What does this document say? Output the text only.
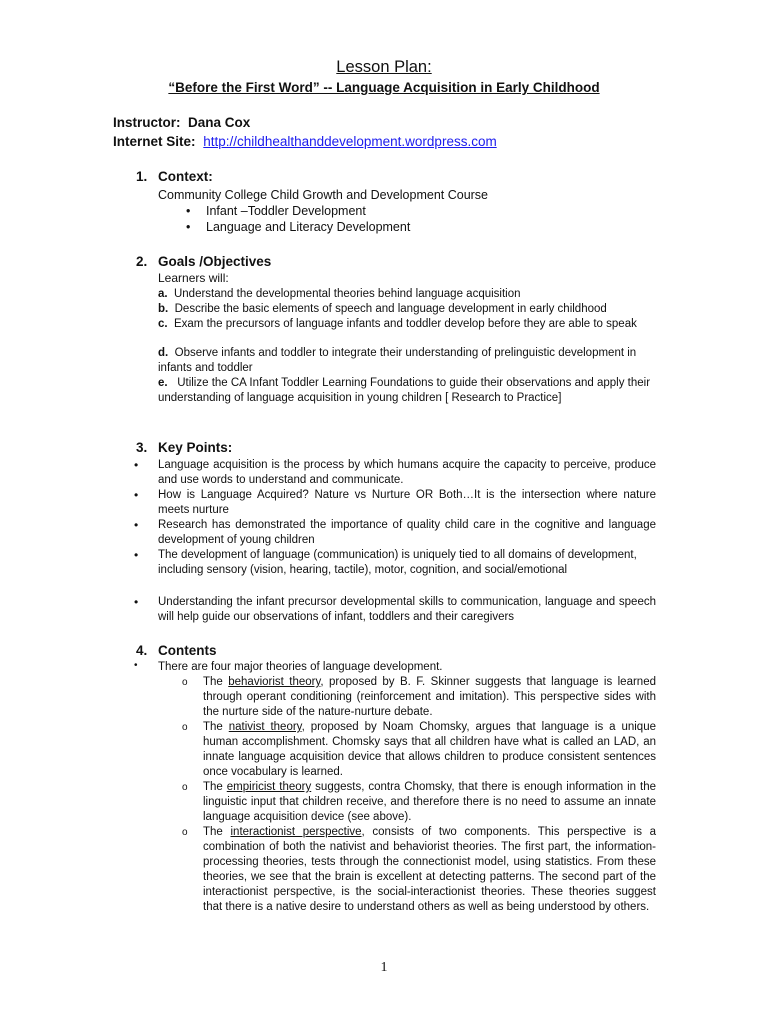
Lesson Plan:
“Before the First Word” -- Language Acquisition in Early Childhood
Instructor: Dana Cox
Internet Site: http://childhealthanddevelopment.wordpress.com
1. Context:
Community College Child Growth and Development Course
• Infant –Toddler Development
• Language and Literacy Development
2. Goals /Objectives
Learners will:
a. Understand the developmental theories behind language acquisition
b. Describe the basic elements of speech and language development in early childhood
c. Exam the precursors of language infants and toddler develop before they are able to speak
d. Observe infants and toddler to integrate their understanding of prelinguistic development in infants and toddler
e. Utilize the CA Infant Toddler Learning Foundations to guide their observations and apply their understanding of language acquisition in young children [ Research to Practice]
3. Key Points:
• Language acquisition is the process by which humans acquire the capacity to perceive, produce and use words to understand and communicate.
• How is Language Acquired? Nature vs Nurture OR Both…It is the intersection where nature meets nurture
• Research has demonstrated the importance of quality child care in the cognitive and language development of young children
• The development of language (communication) is uniquely tied to all domains of development, including sensory (vision, hearing, tactile), motor, cognition, and social/emotional
• Understanding the infant precursor developmental skills to communication, language and speech will help guide our observations of infant, toddlers and their caregivers
4. Contents
• There are four major theories of language development.
o The behaviorist theory, proposed by B. F. Skinner suggests that language is learned through operant conditioning (reinforcement and imitation). This perspective sides with the nurture side of the nature-nurture debate.
o The nativist theory, proposed by Noam Chomsky, argues that language is a unique human accomplishment. Chomsky says that all children have what is called an LAD, an innate language acquisition device that allows children to produce consistent sentences once vocabulary is learned.
o The empiricist theory suggests, contra Chomsky, that there is enough information in the linguistic input that children receive, and therefore there is no need to assume an innate language acquisition device (see above).
o The interactionist perspective, consists of two components. This perspective is a combination of both the nativist and behaviorist theories. The first part, the information-processing theories, tests through the connectionist model, using statistics. From these theories, we see that the brain is excellent at detecting patterns. The second part of the interactionist perspective, is the social-interactionist theories. These theories suggest that there is a native desire to understand others as well as being understood by others.
1
